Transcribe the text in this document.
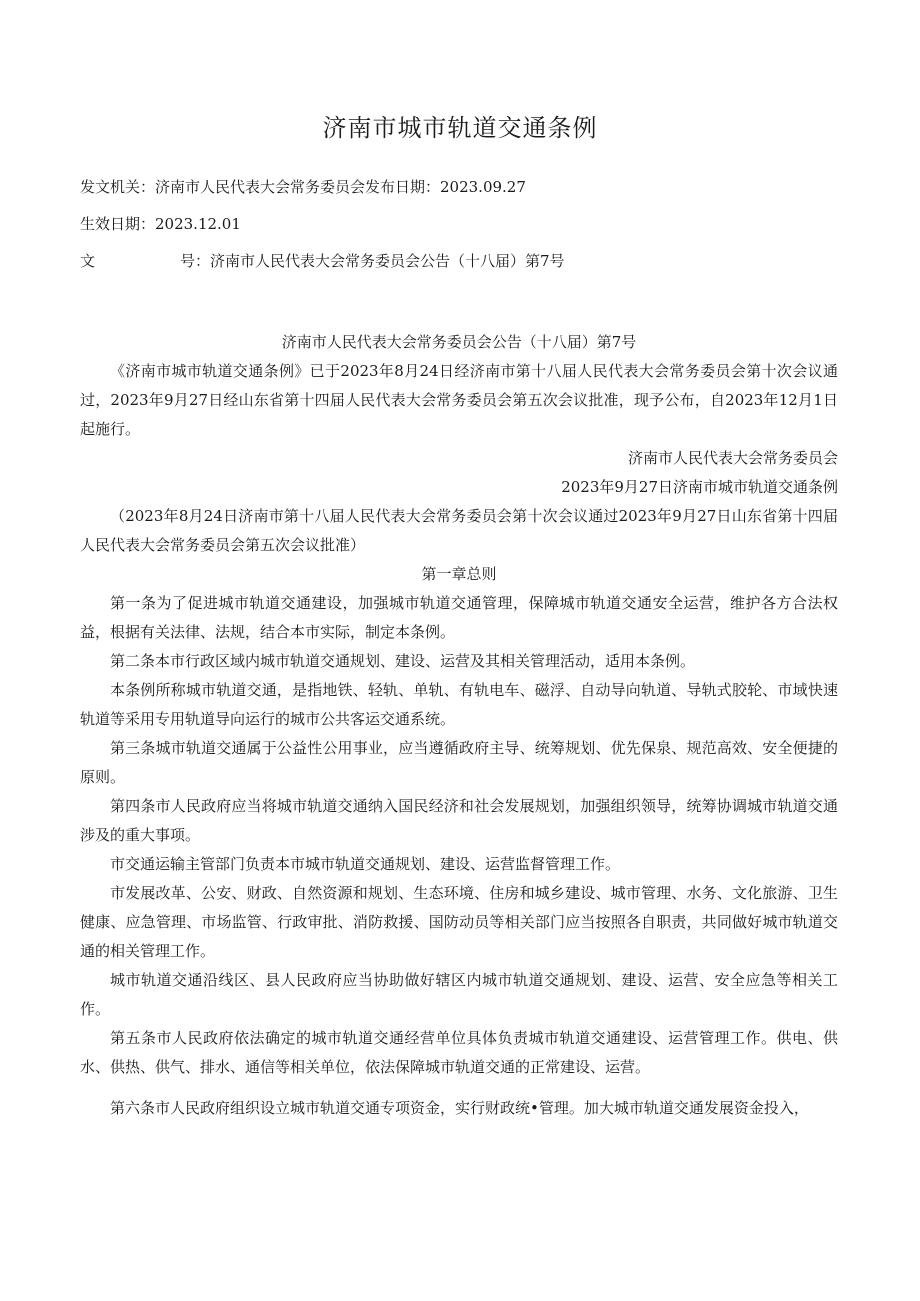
济南市城市轨道交通条例
发文机关：济南市人民代表大会常务委员会发布日期：2023.09.27
生效日期：2023.12.01
文	号：济南市人民代表大会常务委员会公告（十八届）第7号

济南市人民代表大会常务委员会公告（十八届）第7号

《济南市城市轨道交通条例》已于2023年8月24日经济南市第十八届人民代表大会常务委员会第十次会议通过，2023年9月27日经山东省第十四届人民代表大会常务委员会第五次会议批准，现予公布，自2023年12月1日起施行。

济南市人民代表大会常务委员会

2023年9月27日济南市城市轨道交通条例

（2023年8月24日济南市第十八届人民代表大会常务委员会第十次会议通过2023年9月27日山东省第十四届人民代表大会常务委员会第五次会议批准）

第一章总则

第一条为了促进城市轨道交通建设，加强城市轨道交通管理，保障城市轨道交通安全运营，维护各方合法权益，根据有关法律、法规，结合本市实际，制定本条例。

第二条本市行政区域内城市轨道交通规划、建设、运营及其相关管理活动，适用本条例。

本条例所称城市轨道交通，是指地铁、轻轨、单轨、有轨电车、磁浮、自动导向轨道、导轨式胶轮、市域快速轨道等采用专用轨道导向运行的城市公共客运交通系统。

第三条城市轨道交通属于公益性公用事业，应当遵循政府主导、统筹规划、优先保泉、规范高效、安全便捷的原则。

第四条市人民政府应当将城市轨道交通纳入国民经济和社会发展规划，加强组织领导，统筹协调城市轨道交通涉及的重大事项。

市交通运输主管部门负责本市城市轨道交通规划、建设、运营监督管理工作。

市发展改革、公安、财政、自然资源和规划、生态环境、住房和城乡建设、城市管理、水务、文化旅游、卫生健康、应急管理、市场监管、行政审批、消防救援、国防动员等相关部门应当按照各自职责，共同做好城市轨道交通的相关管理工作。

城市轨道交通沿线区、县人民政府应当协助做好辖区内城市轨道交通规划、建设、运营、安全应急等相关工作。

第五条市人民政府依法确定的城市轨道交通经营单位具体负责城市轨道交通建设、运营管理工作。供电、供水、供热、供气、排水、通信等相关单位，依法保障城市轨道交通的正常建设、运营。

第六条市人民政府组织设立城市轨道交通专项资金，实行财政统•管理。加大城市轨道交通发展资金投入，
